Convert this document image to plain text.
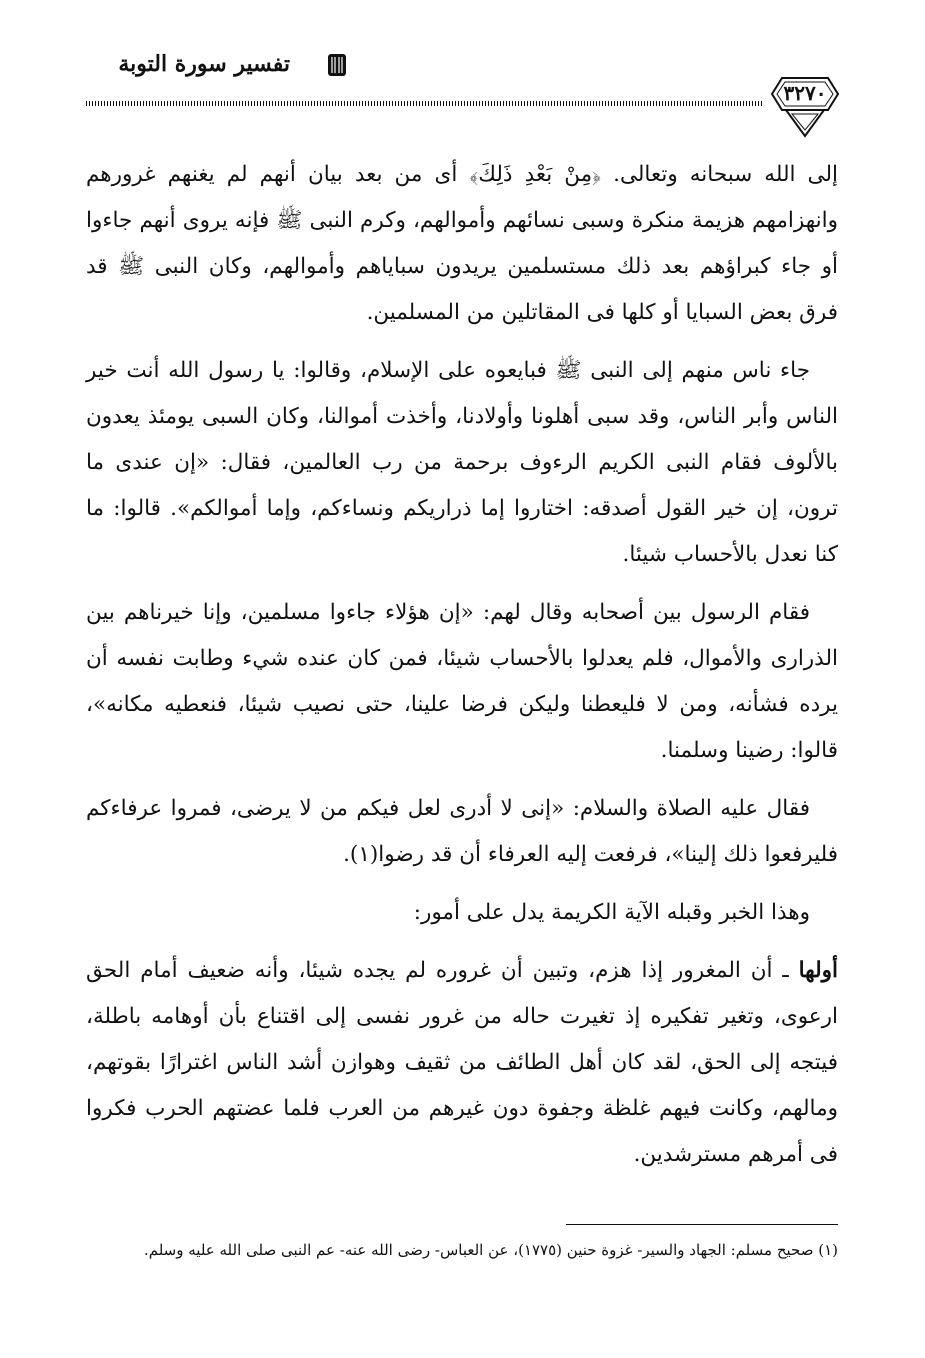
تفسير سورة التوبة
٣٢٧٠

إلى الله سبحانه وتعالى. ﴿مِنْ بَعْدِ ذَلِكَ﴾ أى من بعد بيان أنهم لم يغنهم غرورهم وانهزامهم هزيمة منكرة وسبى نسائهم وأموالهم، وكرم النبى ﷺ فإنه يروى أنهم جاءوا أو جاء كبراؤهم بعد ذلك مستسلمين يريدون سباياهم وأموالهم، وكان النبى ﷺ قد فرق بعض السبايا أو كلها فى المقاتلين من المسلمين.

جاء ناس منهم إلى النبى ﷺ فبايعوه على الإسلام، وقالوا: يا رسول الله أنت خير الناس وأبر الناس، وقد سبى أهلونا وأولادنا، وأخذت أموالنا، وكان السبى يومئذ يعدون بالألوف فقام النبى الكريم الرءوف برحمة من رب العالمين، فقال: «إن عندى ما ترون، إن خير القول أصدقه: اختاروا إما ذراريكم ونساءكم، وإما أموالكم». قالوا: ما كنا نعدل بالأحساب شيئا.

فقام الرسول بين أصحابه وقال لهم: «إن هؤلاء جاءوا مسلمين، وإنا خيرناهم بين الذرارى والأموال، فلم يعدلوا بالأحساب شيئا، فمن كان عنده شيء وطابت نفسه أن يرده فشأنه، ومن لا فليعطنا وليكن فرضا علينا، حتى نصيب شيئا، فنعطيه مكانه»، قالوا: رضينا وسلمنا.

فقال عليه الصلاة والسلام: «إنى لا أدرى لعل فيكم من لا يرضى، فمروا عرفاءكم فليرفعوا ذلك إلينا»، فرفعت إليه العرفاء أن قد رضوا(١).

وهذا الخبر وقبله الآية الكريمة يدل على أمور:

أولها ـ أن المغرور إذا هزم، وتبين أن غروره لم يجده شيئا، وأنه ضعيف أمام الحق ارعوى، وتغير تفكيره إذ تغيرت حاله من غرور نفسى إلى اقتناع بأن أوهامه باطلة، فيتجه إلى الحق، لقد كان أهل الطائف من ثقيف وهوازن أشد الناس اغترارًا بقوتهم، ومالهم، وكانت فيهم غلظة وجفوة دون غيرهم من العرب فلما عضتهم الحرب فكروا فى أمرهم مسترشدين.

(١) صحيح مسلم: الجهاد والسير- غزوة حنين (١٧٧٥)، عن العباس- رضى الله عنه- عم النبى صلى الله عليه وسلم.
